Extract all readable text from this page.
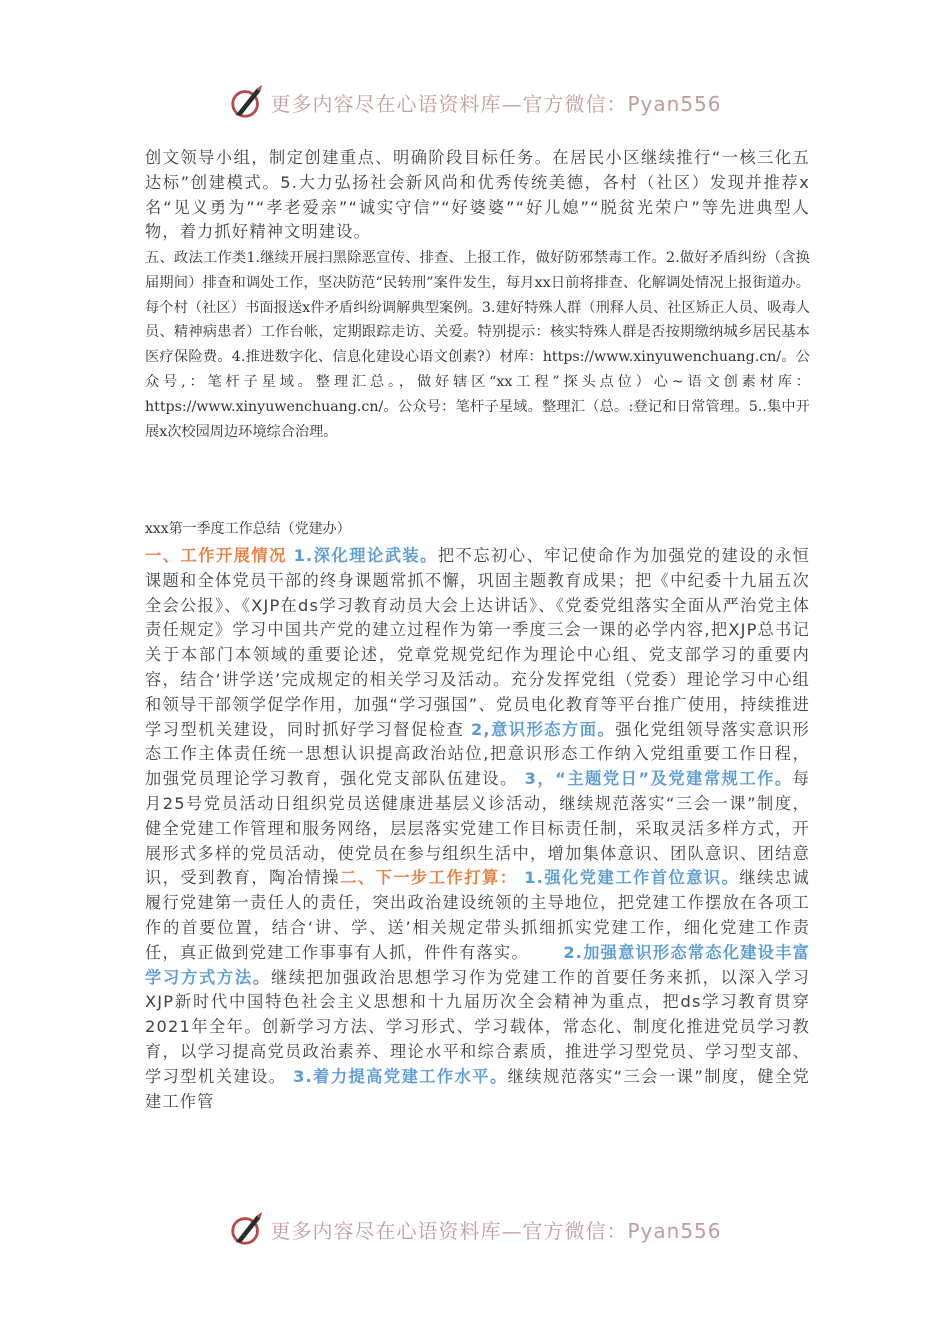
更多内容尽在心语资料库—官方微信：Pyan556
创文领导小组，制定创建重点、明确阶段目标任务。在居民小区继续推行“一核三化五达标”创建模式。5.大力弘扬社会新风尚和优秀传统美德，各村（社区）发现并推荐x名“见义勇为”“孝老爱亲”“诚实守信”“好婆婆”“好儿媳”“脱贫光荣户”等先进典型人物，着力抓好精神文明建设。
五、政法工作类1.继续开展扫黑除恶宣传、排查、上报工作，做好防邪禁毒工作。2.做好矛盾纠纷（含换届期间）排查和调处工作，坚决防范“民转刑”案件发生，每月xx日前将排查、化解调处情况上报街道办。每个村（社区）书面报送x件矛盾纠纷调解典型案例。3.建好特殊人群（刑释人员、社区矫正人员、吸毒人员、精神病患者）工作台帐，定期跟踪走访、关爱。特别提示：核实特殊人群是否按期缴纳城乡居民基本医疗保险费。4.推进数字化、信息化建设心语文创素?）材库：https://www.xinyuwenchuang.cn/。公众号,：笔杆子星域。整理汇总。，做好辖区“xx工程”探头点位）心~语文创素材库：https://www.xinyuwenchuang.cn/。公众号：笔杆子星域。整理汇（总。:登记和日常管理。5..集中开展x次校园周边环境综合治理。
xxx第一季度工作总结（党建办）
一、工作开展情况 1.深化理论武装。把不忘初心、牢记使命作为加强党的建设的永恒课题和全体党员干部的终身课题常抓不懈，巩固主题教育成果；把《中纪委十九届五次全会公报》、《XJP在ds学习教育动员大会上达讲话》、《党委党组落实全面从严治党主体责任规定》学习中国共产党的建立过程作为第一季度三会一课的必学内容,把XJP总书记关于本部门本领域的重要论述，党章党规党纪作为理论中心组、党支部学习的重要内容，结合‘讲学送’完成规定的相关学习及活动。充分发挥党组（党委）理论学习中心组和领导干部领学促学作用，加强“学习强国”、党员电化教育等平台推广使用，持续推进学习型机关建设，同时抓好学习督促检查 2,意识形态方面。强化党组领导落实意识形态工作主体责任统一思想认识提高政治站位,把意识形态工作纳入党组重要工作日程，加强党员理论学习教育，强化党支部队伍建设。 3，“主题党日”及党建常规工作。每月25号党员活动日组织党员送健康进基层义诊活动，继续规范落实“三会一课”制度，健全党建工作管理和服务网络，层层落实党建工作目标责任制，采取灵活多样方式，开展形式多样的党员活动，使党员在参与组织生活中，增加集体意识、团队意识、团结意识，受到教育，陶冶情操二、下一步工作打算： 1.强化党建工作首位意识。继续忠诚履行党建第一责任人的责任，突出政治建设统领的主导地位，把党建工作摆放在各项工作的首要位置，结合‘讲、学、送’相关规定带头抓细抓实党建工作，细化党建工作责任，真正做到党建工作事事有人抓，件件有落实。 2.加强意识形态常态化建设丰富学习方式方法。继续把加强政治思想学习作为党建工作的首要任务来抓，以深入学习XJP新时代中国特色社会主义思想和十九届历次全会精神为重点，把ds学习教育贯穿2021年全年。创新学习方法、学习形式、学习载体，常态化、制度化推进党员学习教育，以学习提高党员政治素养、理论水平和综合素质，推进学习型党员、学习型支部、学习型机关建设。 3.着力提高党建工作水平。继续规范落实“三会一课”制度，健全党建工作管
更多内容尽在心语资料库—官方微信：Pyan556
